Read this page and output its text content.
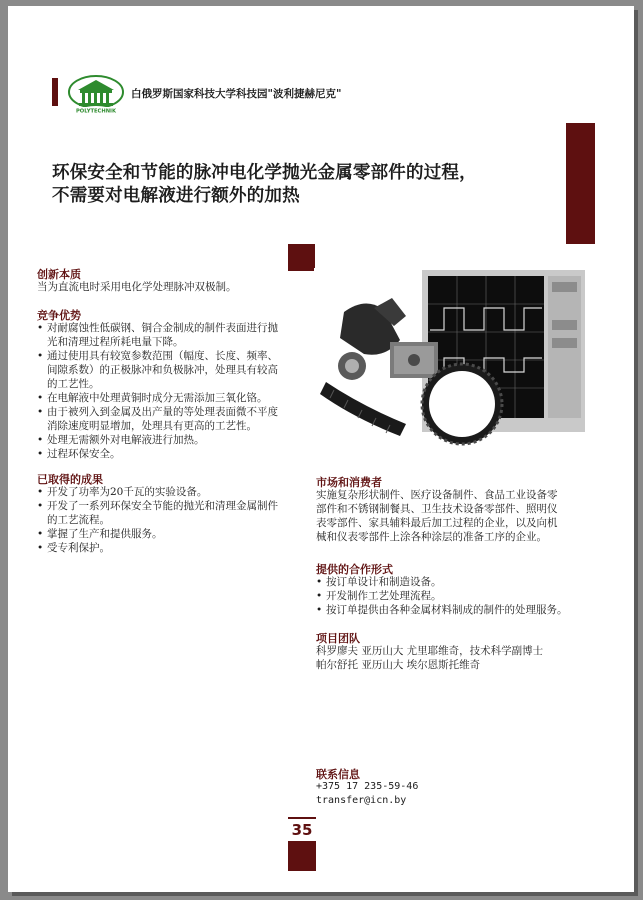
POLYTECHNIK
白俄罗斯国家科技大学科技园"波利捷赫尼克"
环保安全和节能的脉冲电化学抛光金属零部件的过程，
不需要对电解液进行额外的加热
创新本质
当为直流电时采用电化学处理脉冲双极制。
竞争优势
• 对耐腐蚀性低碳钢、铜合金制成的制件表面进行抛光和清理过程所耗电量下降。
• 通过使用具有较宽参数范围（幅度、长度、频率、间隙系数）的正极脉冲和负极脉冲，处理具有较高的工艺性。
• 在电解液中处理黄铜时成分无需添加三氧化铬。
• 由于被列入到金属及出产量的等处理表面微不平度消除速度明显增加，处理具有更高的工艺性。
• 处理无需额外对电解液进行加热。
• 过程环保安全。
已取得的成果
• 开发了功率为20千瓦的实验设备。
• 开发了一系列环保安全节能的抛光和清理金属制件的工艺流程。
• 掌握了生产和提供服务。
• 受专利保护。
市场和消费者
实施复杂形状制件、医疗设备制件、食品工业设备零部件和不锈钢制餐具、卫生技术设备零部件、照明仪表零部件、家具辅料最后加工过程的企业，以及向机械和仪表零部件上涂各种涂层的准备工序的企业。
提供的合作形式
• 按订单设计和制造设备。
• 开发制作工艺处理流程。
• 按订单提供由各种金属材料制成的制件的处理服务。
项目团队
科罗廖夫 亚历山大 尤里耶维奇，技术科学副博士
帕尔舒托 亚历山大 埃尔恩斯托维奇
联系信息
+375 17 235-59-46
transfer@icn.by
35
